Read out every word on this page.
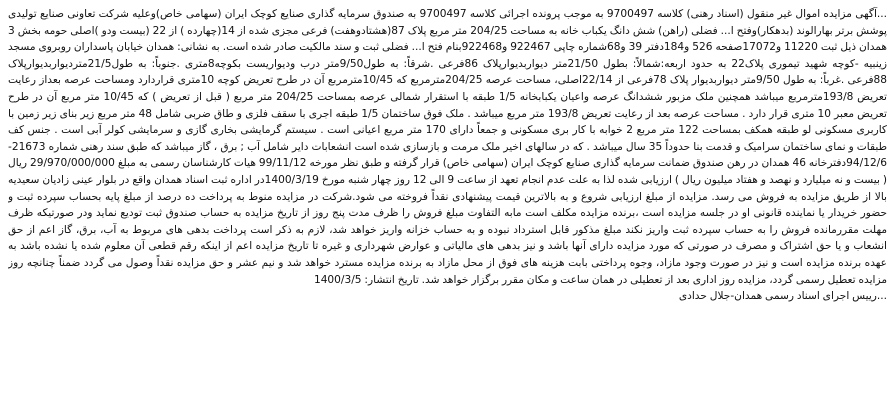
...آگهی مزایده اموال غیر منقول (اسناد رهنی) کلاسه 9700497 به موجب پرونده اجرائی کلاسه 9700497 به صندوق سرمایه گذاری صنایع کوچک ایران (سهامی خاص)وعلیه شرکت تعاونی صنایع تولیدی پوشش برتر بهارالوند (بدهکار)وفتح ا... فضلی (راهن) شش دانگ یکباب خانه به مساحت 204/25 متر مربع پلاک 87(هشتادوهفت) فرعی مجزی شده از 14(چهارده ) از 22 (بیست ودو )اصلی حومه بخش 3 همدان ذیل ثبت 11220 و17072صفحه 526 و184دفتر 39 و68شماره چاپی 922467 و922468بنام فتح ا... فضلی ثبت و سند مالکیت صادر شده است. به نشانی: همدان خیابان پاسداران روبروی مسجد زینبیه -کوچه شهید تیموری پلاک22 به حدود اربعه:شمالاً: بطول 21/50متر دیواربدیوارپلاک 86فرعی .شرقاً: به طول9/50متر درب ودیواریست بکوچه8متری .جنوباً: به طول21/5متردیواربدیوارپلاک 88فرعی .غرباً: به طول 9/50متر دیواربدیوار پلاک 78فرعی از 22/14اصلی، مساحت عرصه 204/25مترمربع که 10/45مترمربع آن در طرح تعریض کوچه 10متری قراردارد ومساحت عرصه بعداز رعایت تعریض 193/8مترمربع میباشد همچنین ملک مزبور ششدانگ عرصه واعیان یکبابخانه 1/5 طبقه با استقرار شمالی عرصه بمساحت 204/25 متر مربع ( قبل از تعریض ) که 10/45 متر مربع آن در طرح تعریض معبر 10 متری قرار دارد . مساحت عرصه بعد از رعایت تعریض 193/8 متر مربع میباشد . ملک فوق ساختمان 1/5 طبقه اجری با سقف فلزی و طاق ضربی شامل 48 متر مربع زیر بنای زیر زمین با کاربری مسکونی لو طبقه همکف بمساحت 122 متر مربع 2 خوابه با کار بری مسکونی و جمعاً دارای 170 متر مربع اعیانی است . سیستم گرمایشی بخاری گازی و سرمایشی کولر آبی است . جنس کف طبقات و نمای ساختمان سرامیک و قدمت بنا حدوداً 35 سال میباشد . که در سالهای اخیر ملک مرمت و بازسازی شده است انشعابات دایر شامل آب ; برق ، گاز میباشد که طبق سند رهنی شماره 21673-94/12/6دفترخانه 46 همدان در رهن صندوق ضمانت سرمایه گذاری صنایع کوچک ایران (سهامی خاص) قرار گرفته و طبق نظر مورخه 99/11/12 هیات کارشناسان رسمی به مبلغ 29/970/000/000 ریال ( بیست و نه میلیارد و نهصد و هفتاد میلیون ریال ) ارزیابی شده لذا به علت عدم انجام تعهد از ساعت 9 الی 12 روز چهار شنبه مورخ 1400/3/19در اداره ثبت اسناد همدان واقع در بلوار عینی زادیان سعیدیه بالا از طریق مزایده به فروش می رسد. مزایده از مبلغ ارزیابی شروع و به بالاترین قیمت پیشنهادی نقداً فروخته می شود.شرکت در مزایده منوط به پرداخت ده درصد از مبلغ پایه بحساب سپرده ثبت و حضور خریدار یا نماینده قانونی او در جلسه مزایده است ،برنده مزایده مکلف است مابه التفاوت مبلغ فروش را ظرف مدت پنج روز از تاریخ مزایده به حساب صندوق ثبت تودیع نماید ودر صورتیکه ظرف مهلت مقررمانده فروش را به حساب سپرده ثبت واریز نکند مبلغ مذکور قابل استرداد نبوده و به حساب خزانه واریز خواهد شد، لازم به ذکر است پرداخت بدهی های مربوط به آب، برق، گاز اعم از حق انشعاب و یا حق اشتراک و مصرف در صورتی که مورد مزایده دارای آنها باشد و نیز بدهی های مالیاتی و عوارض شهرداری و غیره تا تاریخ مزایده اعم از اینکه رقم قطعی آن معلوم شده یا نشده باشد به عهده برنده مزایده است و نیز در صورت وجود مازاد، وجوه پرداختی بابت هزینه های فوق از محل مازاد به برنده مزایده مسترد خواهد شد و نیم عشر و حق مزایده نقداً وصول می گردد ضمناً چنانچه روز مزایده تعطیل رسمی گردد، مزایده روز اداری بعد از تعطیلی در همان ساعت و مکان مقرر برگزار خواهد شد. تاریخ انتشار: 1400/3/5
...رییس اجرای اسناد رسمی همدان-جلال حدادی
